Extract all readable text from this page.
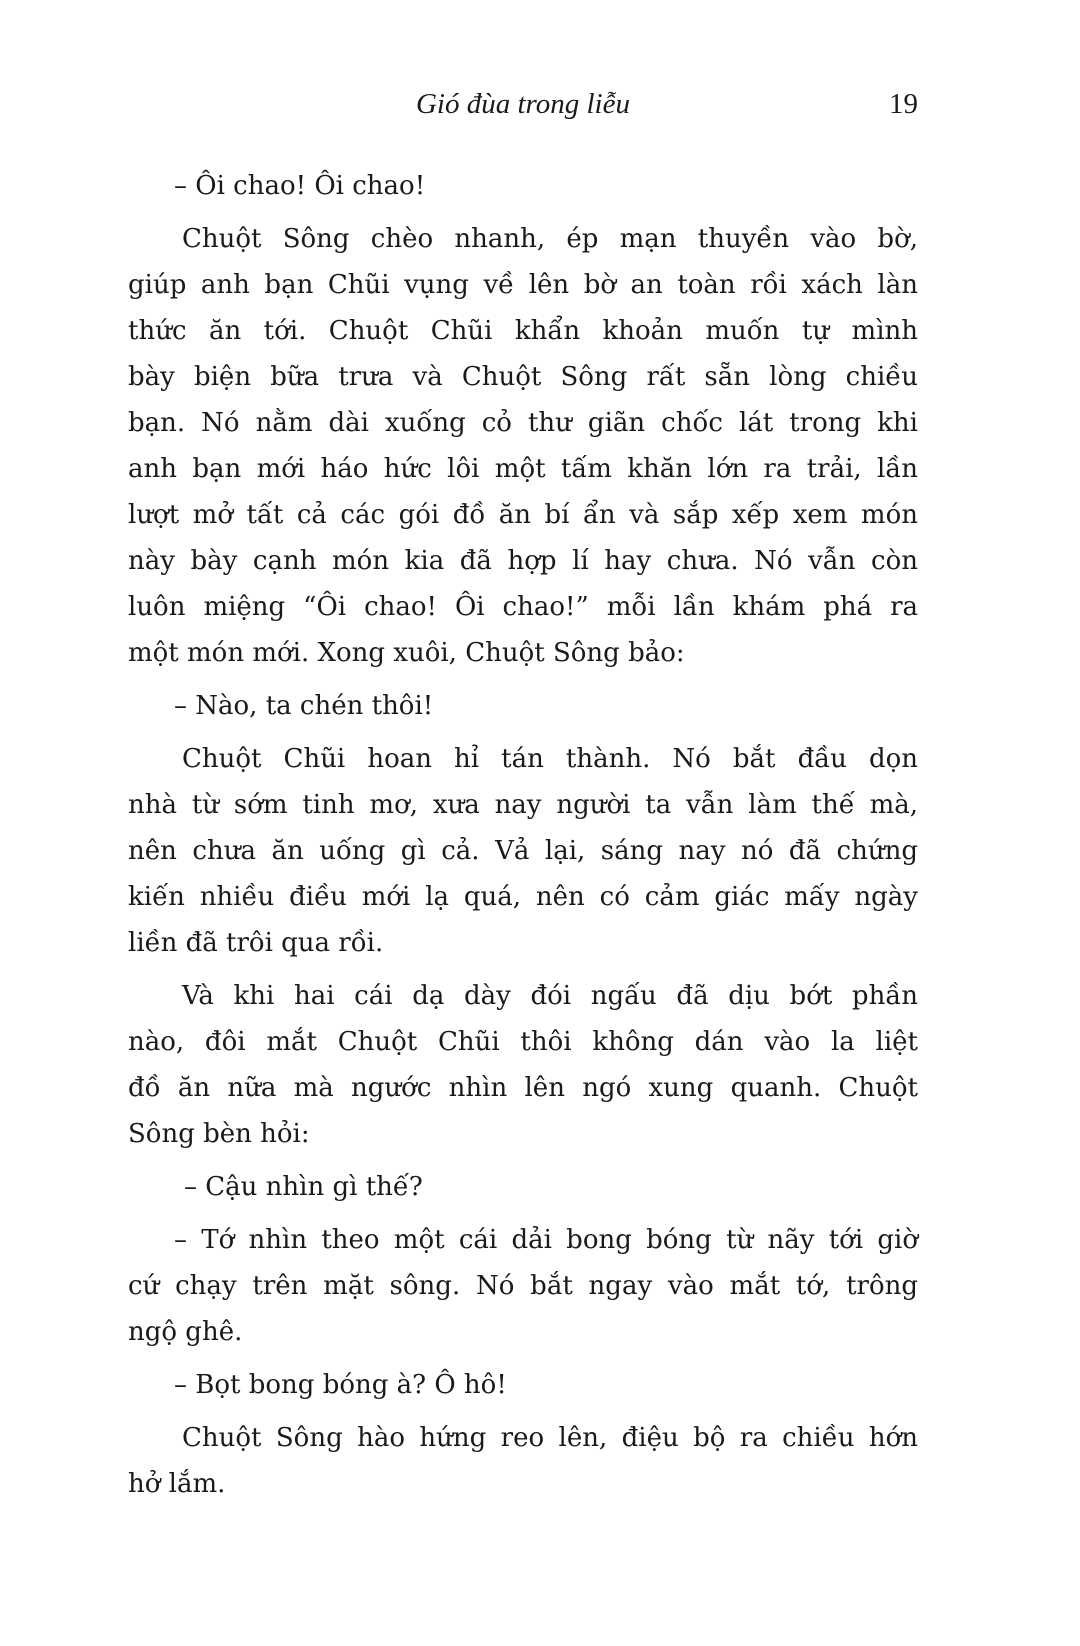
Gió đùa trong liễu	19
– Ôi chao! Ôi chao!
Chuột Sông chèo nhanh, ép mạn thuyền vào bờ,
giúp anh bạn Chũi vụng về lên bờ an toàn rồi xách làn
thức ăn tới. Chuột Chũi khẩn khoản muốn tự mình
bày biện bữa trưa và Chuột Sông rất sẵn lòng chiều
bạn. Nó nằm dài xuống cỏ thư giãn chốc lát trong khi
anh bạn mới háo hức lôi một tấm khăn lớn ra trải, lần
lượt mở tất cả các gói đồ ăn bí ẩn và sắp xếp xem món
này bày cạnh món kia đã hợp lí hay chưa. Nó vẫn còn
luôn miệng “Ôi chao! Ôi chao!” mỗi lần khám phá ra
một món mới. Xong xuôi, Chuột Sông bảo:
– Nào, ta chén thôi!
Chuột Chũi hoan hỉ tán thành. Nó bắt đầu dọn
nhà từ sớm tinh mơ, xưa nay người ta vẫn làm thế mà,
nên chưa ăn uống gì cả. Vả lại, sáng nay nó đã chứng
kiến nhiều điều mới lạ quá, nên có cảm giác mấy ngày
liền đã trôi qua rồi.
Và khi hai cái dạ dày đói ngấu đã dịu bớt phần
nào, đôi mắt Chuột Chũi thôi không dán vào la liệt
đồ ăn nữa mà ngước nhìn lên ngó xung quanh. Chuột
Sông bèn hỏi:
– Cậu nhìn gì thế?
– Tớ nhìn theo một cái dải bong bóng từ nãy tới giờ
cứ chạy trên mặt sông. Nó bắt ngay vào mắt tớ, trông
ngộ ghê.
– Bọt bong bóng à? Ô hô!
Chuột Sông hào hứng reo lên, điệu bộ ra chiều hớn
hở lắm.
